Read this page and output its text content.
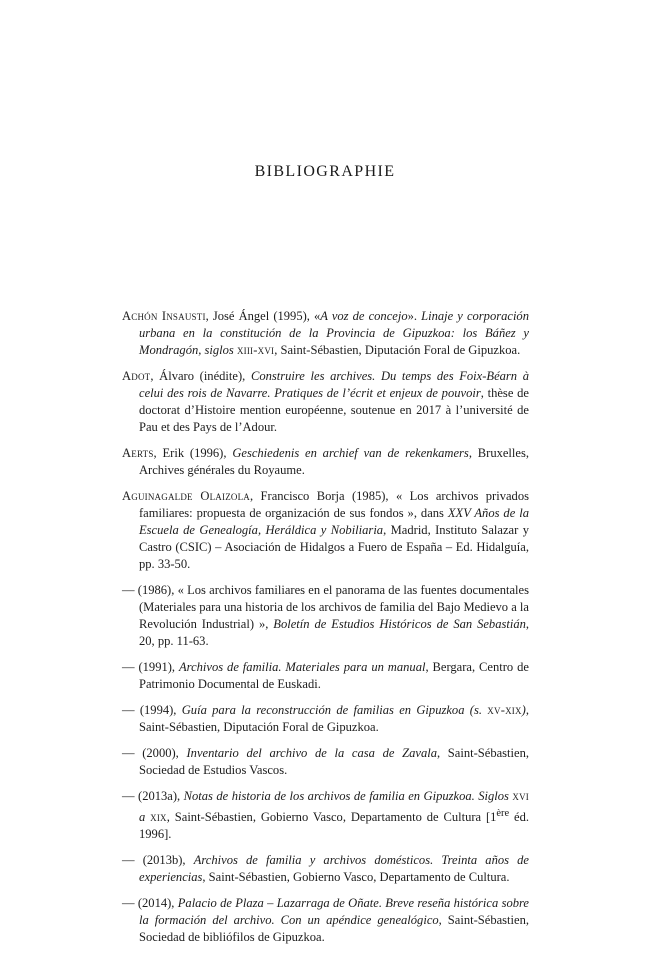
BIBLIOGRAPHIE

Achón Insausti, José Ángel (1995), «A voz de concejo». Linaje y corporación urbana en la constitución de la Provincia de Gipuzkoa: los Báñez y Mondragón, siglos xiii-xvi, Saint-Sébastien, Diputación Foral de Gipuzkoa.

Adot, Álvaro (inédite), Construire les archives. Du temps des Foix-Béarn à celui des rois de Navarre. Pratiques de l’écrit et enjeux de pouvoir, thèse de doctorat d’Histoire mention européenne, soutenue en 2017 à l’université de Pau et des Pays de l’Adour.

Aerts, Erik (1996), Geschiedenis en archief van de rekenkamers, Bruxelles, Archives générales du Royaume.

Aguinagalde Olaizola, Francisco Borja (1985), « Los archivos privados familiares: propuesta de organización de sus fondos », dans XXV Años de la Escuela de Genealogía, Heráldica y Nobiliaria, Madrid, Instituto Salazar y Castro (CSIC) – Asociación de Hidalgos a Fuero de España – Ed. Hidalguía, pp. 33-50.

— (1986), « Los archivos familiares en el panorama de las fuentes documentales (Materiales para una historia de los archivos de familia del Bajo Medievo a la Revolución Industrial) », Boletín de Estudios Históricos de San Sebastián, 20, pp. 11-63.

— (1991), Archivos de familia. Materiales para un manual, Bergara, Centro de Patrimonio Documental de Euskadi.

— (1994), Guía para la reconstrucción de familias en Gipuzkoa (s. xv-xix), Saint-Sébastien, Diputación Foral de Gipuzkoa.

— (2000), Inventario del archivo de la casa de Zavala, Saint-Sébastien, Sociedad de Estudios Vascos.

— (2013a), Notas de historia de los archivos de familia en Gipuzkoa. Siglos xvi a xix, Saint-Sébastien, Gobierno Vasco, Departamento de Cultura [1ère éd. 1996].

— (2013b), Archivos de familia y archivos domésticos. Treinta años de experiencias, Saint-Sébastien, Gobierno Vasco, Departamento de Cultura.

— (2014), Palacio de Plaza – Lazarraga de Oñate. Breve reseña histórica sobre la formación del archivo. Con un apéndice genealógico, Saint-Sébastien, Sociedad de bibliófilos de Gipuzkoa.
